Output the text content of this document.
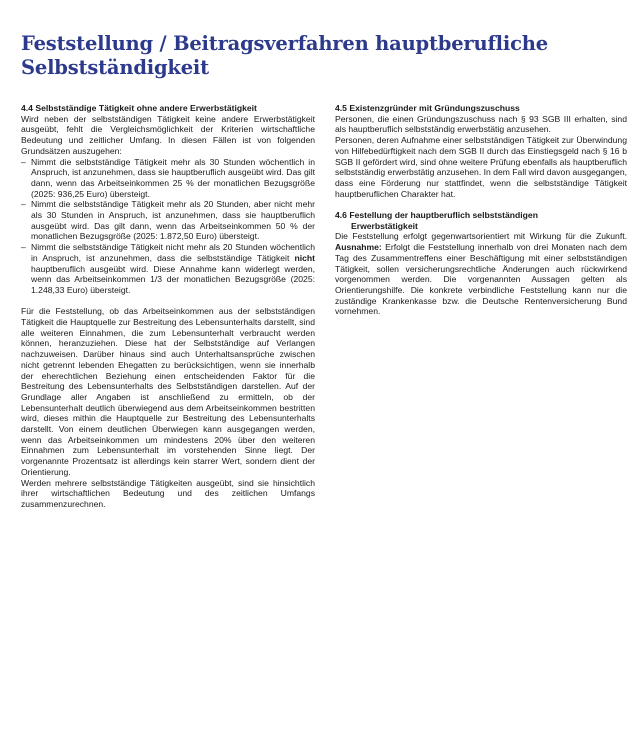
Feststellung / Beitragsverfahren hauptberufliche Selbstständigkeit
4.4 Selbstständige Tätigkeit ohne andere Erwerbstätigkeit

Wird neben der selbstständigen Tätigkeit keine andere Erwerbstätigkeit ausgeübt, fehlt die Vergleichsmöglichkeit der Kriterien wirtschaftliche Bedeutung und zeitlicher Umfang. In diesen Fällen ist von folgenden Grundsätzen auszugehen:

– Nimmt die selbstständige Tätigkeit mehr als 30 Stunden wöchentlich in Anspruch, ist anzunehmen, dass sie hauptberuflich ausgeübt wird. Das gilt dann, wenn das Arbeitseinkommen 25 % der monatlichen Bezugsgröße (2025: 936,25 Euro) übersteigt.
– Nimmt die selbstständige Tätigkeit mehr als 20 Stunden, aber nicht mehr als 30 Stunden in Anspruch, ist anzunehmen, dass sie hauptberuflich ausgeübt wird. Das gilt dann, wenn das Arbeitseinkommen 50 % der monatlichen Bezugsgröße (2025: 1.872,50 Euro) übersteigt.
– Nimmt die selbstständige Tätigkeit nicht mehr als 20 Stunden wöchentlich in Anspruch, ist anzunehmen, dass die selbstständige Tätigkeit nicht hauptberuflich ausgeübt wird. Diese Annahme kann widerlegt werden, wenn das Arbeitseinkommen 1/3 der monatlichen Bezugsgröße (2025: 1.248,33 Euro) übersteigt.

Für die Feststellung, ob das Arbeitseinkommen aus der selbstständigen Tätigkeit die Hauptquelle zur Bestreitung des Lebensunterhalts darstellt, sind alle weiteren Einnahmen, die zum Lebensunterhalt verbraucht werden können, heranzuziehen. Diese hat der Selbstständige auf Verlangen nachzuweisen. Darüber hinaus sind auch Unterhaltsansprüche zwischen nicht getrennt lebenden Ehegatten zu berücksichtigen, wenn sie innerhalb der eherechtlichen Beziehung einen entscheidenden Faktor für die Bestreitung des Lebensunterhalts des Selbstständigen darstellen. Auf der Grundlage aller Angaben ist anschließend zu ermitteln, ob der Lebensunterhalt deutlich überwiegend aus dem Arbeitseinkommen bestritten wird, dieses mithin die Hauptquelle zur Bestreitung des Lebensunterhalts darstellt. Von einem deutlichen Überwiegen kann ausgegangen werden, wenn das Arbeitseinkommen um mindestens 20% über den weiteren Einnahmen zum Lebensunterhalt im vorstehenden Sinne liegt. Der vorgenannte Prozentsatz ist allerdings kein starrer Wert, sondern dient der Orientierung.

Werden mehrere selbstständige Tätigkeiten ausgeübt, sind sie hinsichtlich ihrer wirtschaftlichen Bedeutung und des zeitlichen Umfangs zusammenzurechnen.

4.5 Existenzgründer mit Gründungszuschuss

Personen, die einen Gründungszuschuss nach § 93 SGB III erhalten, sind als hauptberuflich selbstständig erwerbstätig anzusehen.

Personen, deren Aufnahme einer selbstständigen Tätigkeit zur Überwindung von Hilfebedürftigkeit nach dem SGB II durch das Einstiegsgeld nach § 16 b SGB II gefördert wird, sind ohne weitere Prüfung ebenfalls als hauptberuflich selbstständig erwerbstätig anzusehen. In dem Fall wird davon ausgegangen, dass eine Förderung nur stattfindet, wenn die selbstständige Tätigkeit hauptberuflichen Charakter hat.

4.6 Festellung der hauptberuflich selbstständigen
Erwerbstätigkeit

Die Feststellung erfolgt gegenwartsorientiert mit Wirkung für die Zukunft. Ausnahme: Erfolgt die Feststellung innerhalb von drei Monaten nach dem Tag des Zusammentreffens einer Beschäftigung mit einer selbstständigen Tätigkeit, sollen versicherungsrechtliche Änderungen auch rückwirkend vorgenommen werden. Die vorgenannten Aussagen gelten als Orientierungshilfe. Die konkrete verbindliche Feststellung kann nur die zuständige Krankenkasse bzw. die Deutsche Rentenversicherung Bund vornehmen.
